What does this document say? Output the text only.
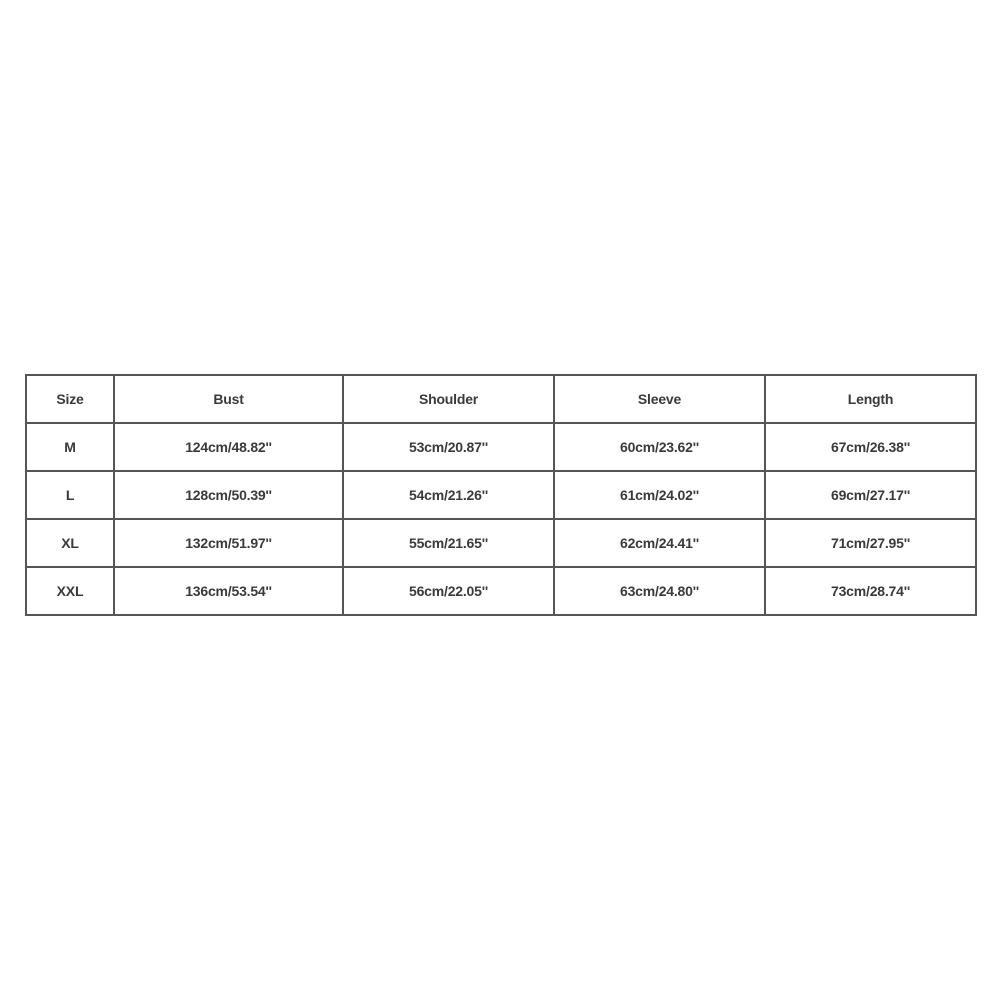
Size	Bust	Shoulder	Sleeve	Length
M	124cm/48.82''	53cm/20.87''	60cm/23.62''	67cm/26.38''
L	128cm/50.39''	54cm/21.26''	61cm/24.02''	69cm/27.17''
XL	132cm/51.97''	55cm/21.65''	62cm/24.41''	71cm/27.95''
XXL	136cm/53.54''	56cm/22.05''	63cm/24.80''	73cm/28.74''
